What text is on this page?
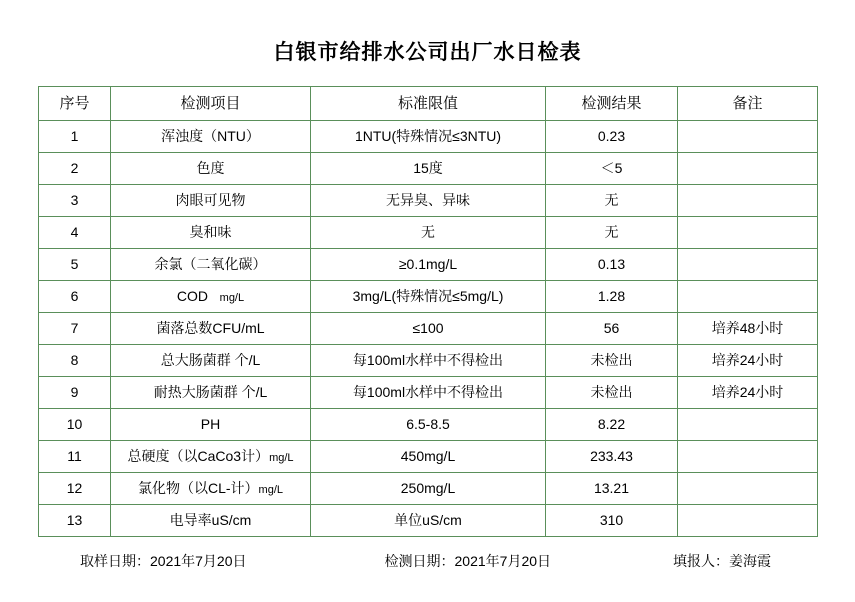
白银市给排水公司出厂水日检表
序号	检测项目	标准限值	检测结果	备注
1	浑浊度（NTU）	1NTU(特殊情况≤3NTU)	0.23	
2	色度	15度	＜5	
3	肉眼可见物	无异臭、异味	无	
4	臭和味	无	无	
5	余氯（二氧化碳）	≥0.1mg/L	0.13	
6	COD mg/L	3mg/L(特殊情况≤5mg/L)	1.28	
7	菌落总数CFU/mL	≤100	56	培养48小时
8	总大肠菌群 个/L	每100ml水样中不得检出	未检出	培养24小时
9	耐热大肠菌群 个/L	每100ml水样中不得检出	未检出	培养24小时
10	PH	6.5-8.5	8.22	
11	总硬度（以CaCo3计）mg/L	450mg/L	233.43	
12	氯化物（以CL-计）mg/L	250mg/L	13.21	
13	电导率uS/cm	单位uS/cm	310	
取样日期：2021年7月20日	检测日期：2021年7月20日	填报人：姜海霞
